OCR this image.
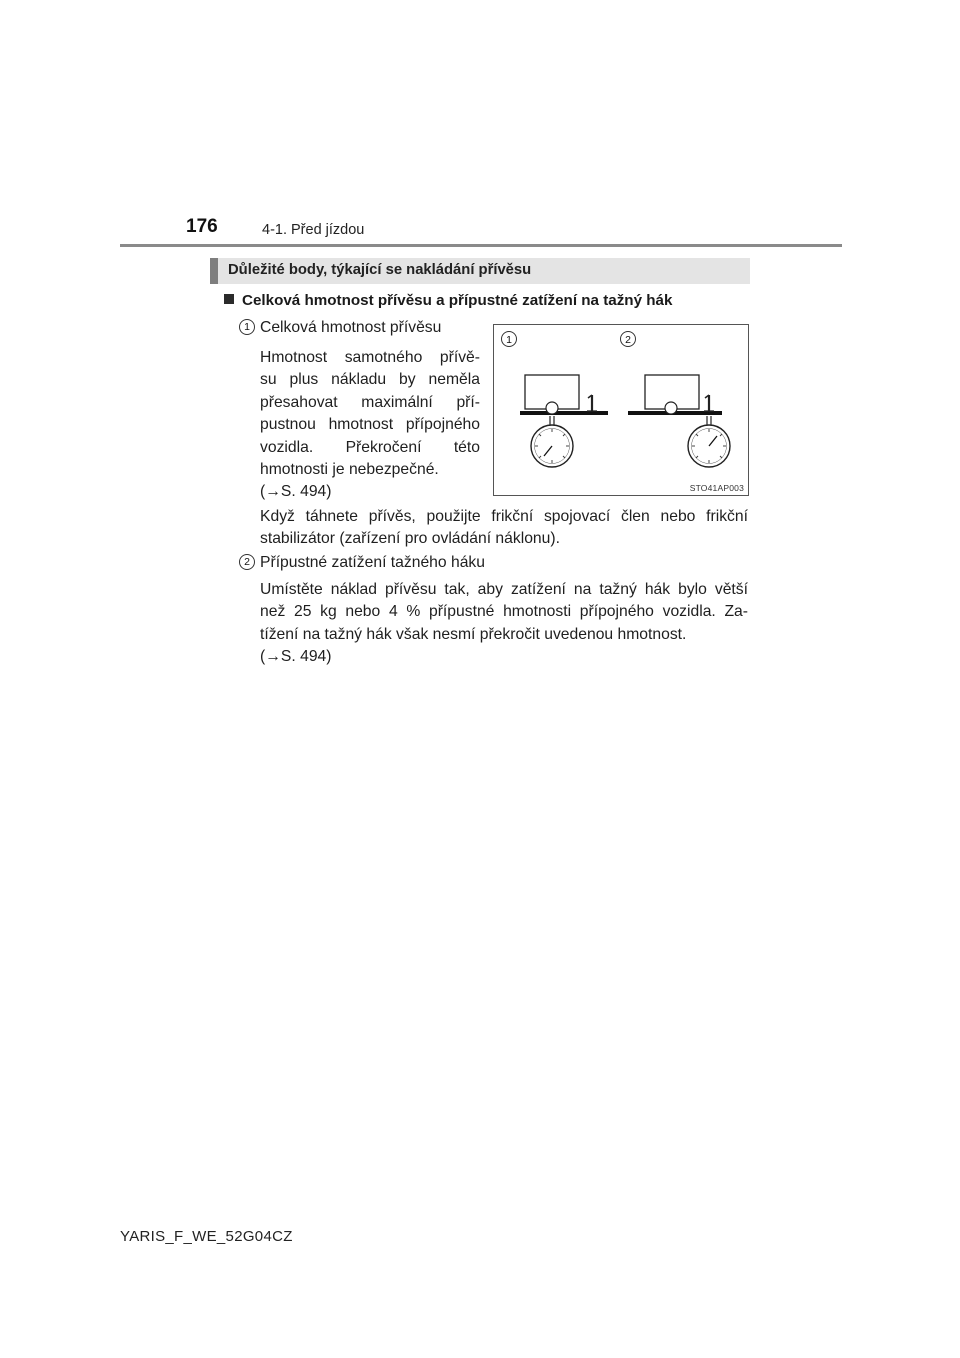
176	4-1. Před jízdou
Důležité body, týkající se nakládání přívěsu
Celková hmotnost přívěsu a přípustné zatížení na tažný hák
1 Celková hmotnost přívěsu
Hmotnost samotného přívě-
su plus nákladu by neměla
přesahovat maximální pří-
pustnou hmotnost přípojného
vozidla. Překročení této
hmotnosti je nebezpečné.
(→S. 494)
Když táhnete přívěs, použijte frikční spojovací člen nebo frikční
stabilizátor (zařízení pro ovládání náklonu).
2 Přípustné zatížení tažného háku
Umístěte náklad přívěsu tak, aby zatížení na tažný hák bylo větší
než 25 kg nebo 4 % přípustné hmotnosti přípojného vozidla. Za-
tížení na tažný hák však nesmí překročit uvedenou hmotnost.
(→S. 494)
1	2
STO41AP003
YARIS_F_WE_52G04CZ
